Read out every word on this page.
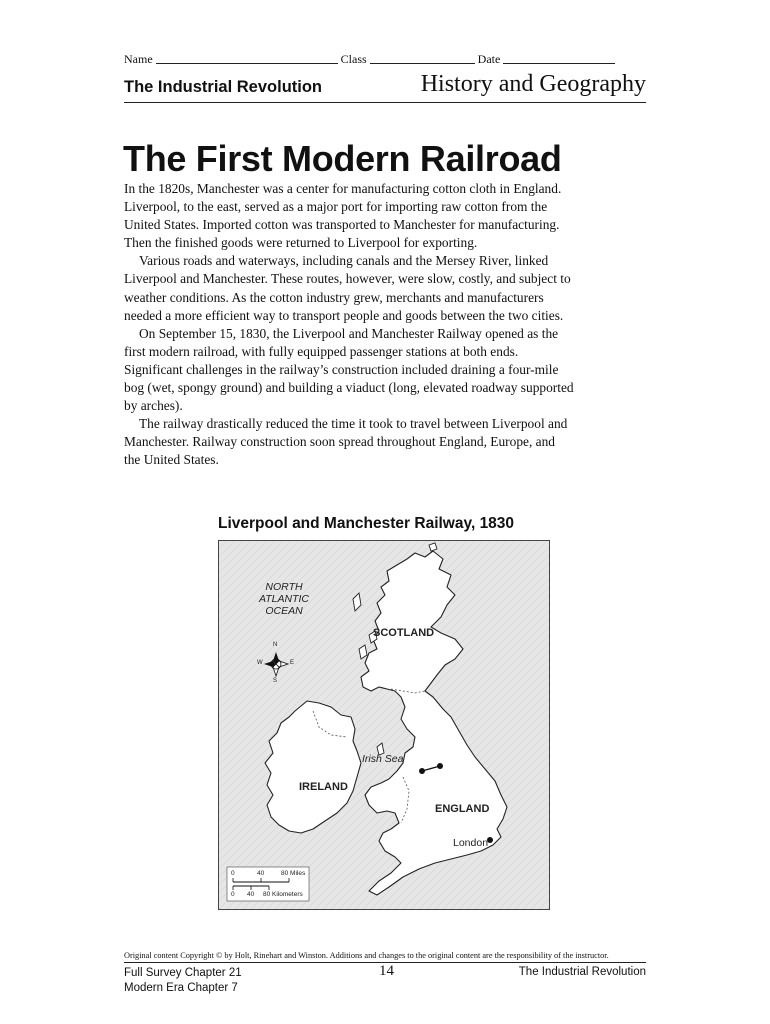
Name	Class	Date
The Industrial Revolution	History and Geography
The First Modern Railroad

In the 1820s, Manchester was a center for manufacturing cotton cloth in England. Liverpool, to the east, served as a major port for importing raw cotton from the United States. Imported cotton was transported to Manchester for manufacturing. Then the finished goods were returned to Liverpool for exporting.

Various roads and waterways, including canals and the Mersey River, linked Liverpool and Manchester. These routes, however, were slow, costly, and subject to weather conditions. As the cotton industry grew, merchants and manufacturers needed a more efficient way to transport people and goods between the two cities.

On September 15, 1830, the Liverpool and Manchester Railway opened as the first modern railroad, with fully equipped passenger stations at both ends. Significant challenges in the railway’s construction included draining a four-mile bog (wet, spongy ground) and building a viaduct (long, elevated roadway supported by arches).

The railway drastically reduced the time it took to travel between Liverpool and Manchester. Railway construction soon spread throughout England, Europe, and the United States.

Liverpool and Manchester Railway, 1830
NORTH
ATLANTIC
OCEAN
SCOTLAND
IRELAND
ENGLAND
Irish Sea
London
N
S
E
W
0	40	80 Miles
0 40 80 Kilometers
Original content Copyright © by Holt, Rinehart and Winston. Additions and changes to the original content are the responsibility of the instructor.
Full Survey Chapter 21
Modern Era Chapter 7
14	The Industrial Revolution
